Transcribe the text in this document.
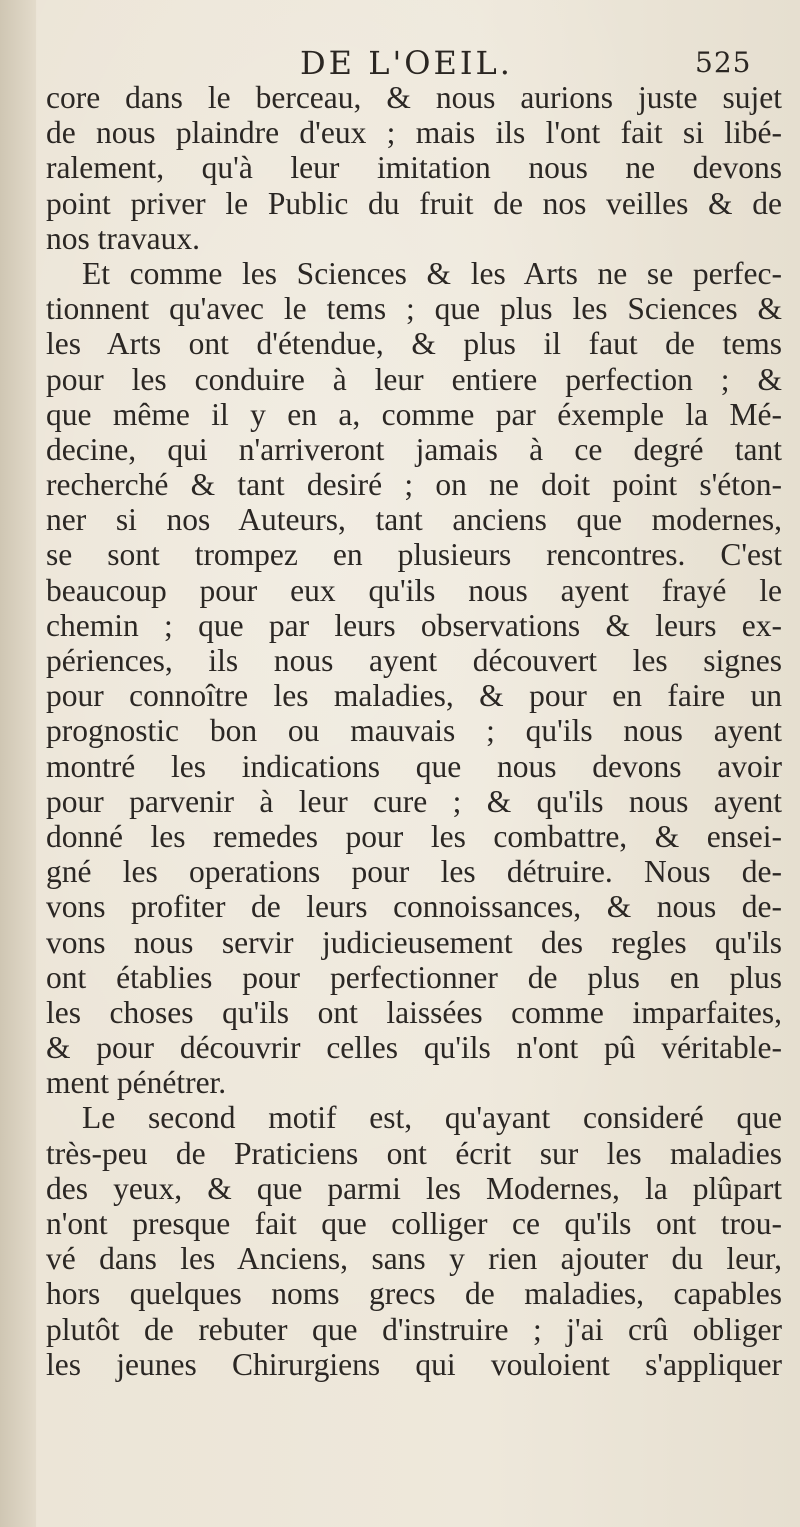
DE L'OEIL.	525
core dans le berceau, & nous aurions juste sujet
de nous plaindre d'eux ; mais ils l'ont fait si libé-
ralement, qu'à leur imitation nous ne devons
point priver le Public du fruit de nos veilles & de
nos travaux.
Et comme les Sciences & les Arts ne se perfec-
tionnent qu'avec le tems ; que plus les Sciences &
les Arts ont d'étendue, & plus il faut de tems
pour les conduire à leur entiere perfection ; &
que même il y en a, comme par éxemple la Mé-
decine, qui n'arriveront jamais à ce degré tant
recherché & tant desiré ; on ne doit point s'éton-
ner si nos Auteurs, tant anciens que modernes,
se sont trompez en plusieurs rencontres. C'est
beaucoup pour eux qu'ils nous ayent frayé le
chemin ; que par leurs observations & leurs ex-
périences, ils nous ayent découvert les signes
pour connoître les maladies, & pour en faire un
prognostic bon ou mauvais ; qu'ils nous ayent
montré les indications que nous devons avoir
pour parvenir à leur cure ; & qu'ils nous ayent
donné les remedes pour les combattre, & ensei-
gné les operations pour les détruire. Nous de-
vons profiter de leurs connoissances, & nous de-
vons nous servir judicieusement des regles qu'ils
ont établies pour perfectionner de plus en plus
les choses qu'ils ont laissées comme imparfaites,
& pour découvrir celles qu'ils n'ont pû véritable-
ment pénétrer.
Le second motif est, qu'ayant consideré que
très-peu de Praticiens ont écrit sur les maladies
des yeux, & que parmi les Modernes, la plûpart
n'ont presque fait que colliger ce qu'ils ont trou-
vé dans les Anciens, sans y rien ajouter du leur,
hors quelques noms grecs de maladies, capables
plutôt de rebuter que d'instruire ; j'ai crû obliger
les jeunes Chirurgiens qui vouloient s'appliquer
